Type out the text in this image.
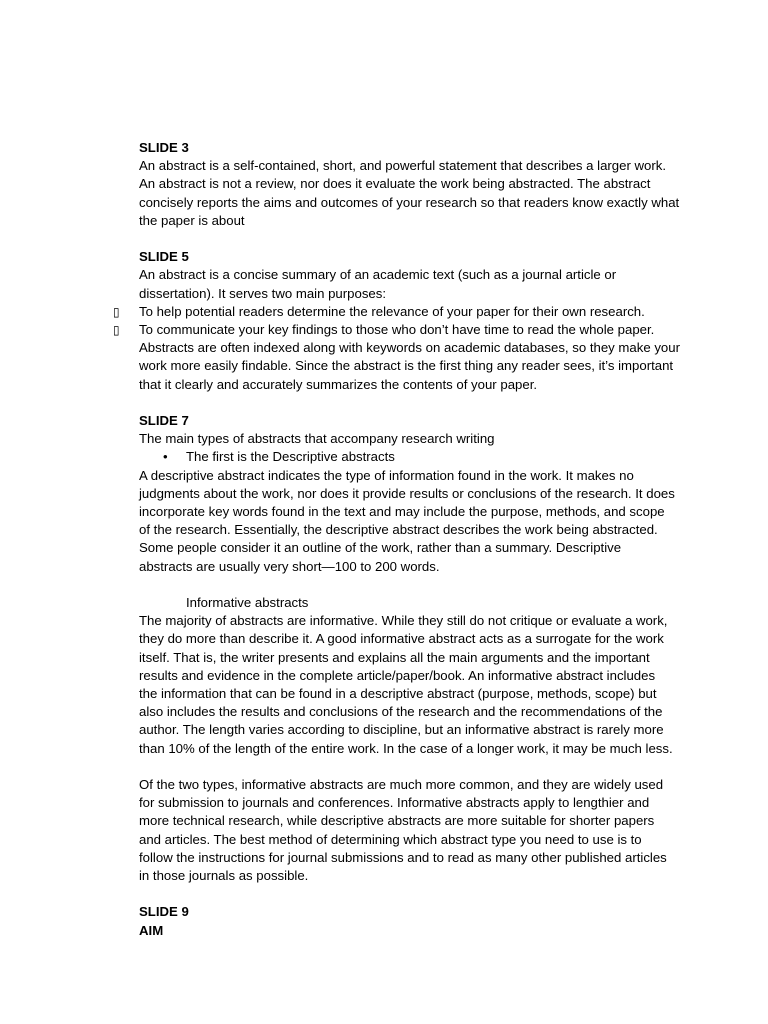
SLIDE 3
An abstract is a self-contained, short, and powerful statement that describes a larger work.
An abstract is not a review, nor does it evaluate the work being abstracted. The abstract
concisely reports the aims and outcomes of your research so that readers know exactly what
the paper is about
SLIDE 5
An abstract is a concise summary of an academic text (such as a journal article or
dissertation). It serves two main purposes:
▯ To help potential readers determine the relevance of your paper for their own research.
▯ To communicate your key findings to those who don’t have time to read the whole paper.
Abstracts are often indexed along with keywords on academic databases, so they make your
work more easily findable. Since the abstract is the first thing any reader sees, it’s important
that it clearly and accurately summarizes the contents of your paper.
SLIDE 7
The main types of abstracts that accompany research writing
• The first is the Descriptive abstracts
A descriptive abstract indicates the type of information found in the work. It makes no
judgments about the work, nor does it provide results or conclusions of the research. It does
incorporate key words found in the text and may include the purpose, methods, and scope
of the research. Essentially, the descriptive abstract describes the work being abstracted.
Some people consider it an outline of the work, rather than a summary. Descriptive
abstracts are usually very short—100 to 200 words.
Informative abstracts
The majority of abstracts are informative. While they still do not critique or evaluate a work,
they do more than describe it. A good informative abstract acts as a surrogate for the work
itself. That is, the writer presents and explains all the main arguments and the important
results and evidence in the complete article/paper/book. An informative abstract includes
the information that can be found in a descriptive abstract (purpose, methods, scope) but
also includes the results and conclusions of the research and the recommendations of the
author. The length varies according to discipline, but an informative abstract is rarely more
than 10% of the length of the entire work. In the case of a longer work, it may be much less.
Of the two types, informative abstracts are much more common, and they are widely used
for submission to journals and conferences. Informative abstracts apply to lengthier and
more technical research, while descriptive abstracts are more suitable for shorter papers
and articles. The best method of determining which abstract type you need to use is to
follow the instructions for journal submissions and to read as many other published articles
in those journals as possible.
SLIDE 9
AIM
